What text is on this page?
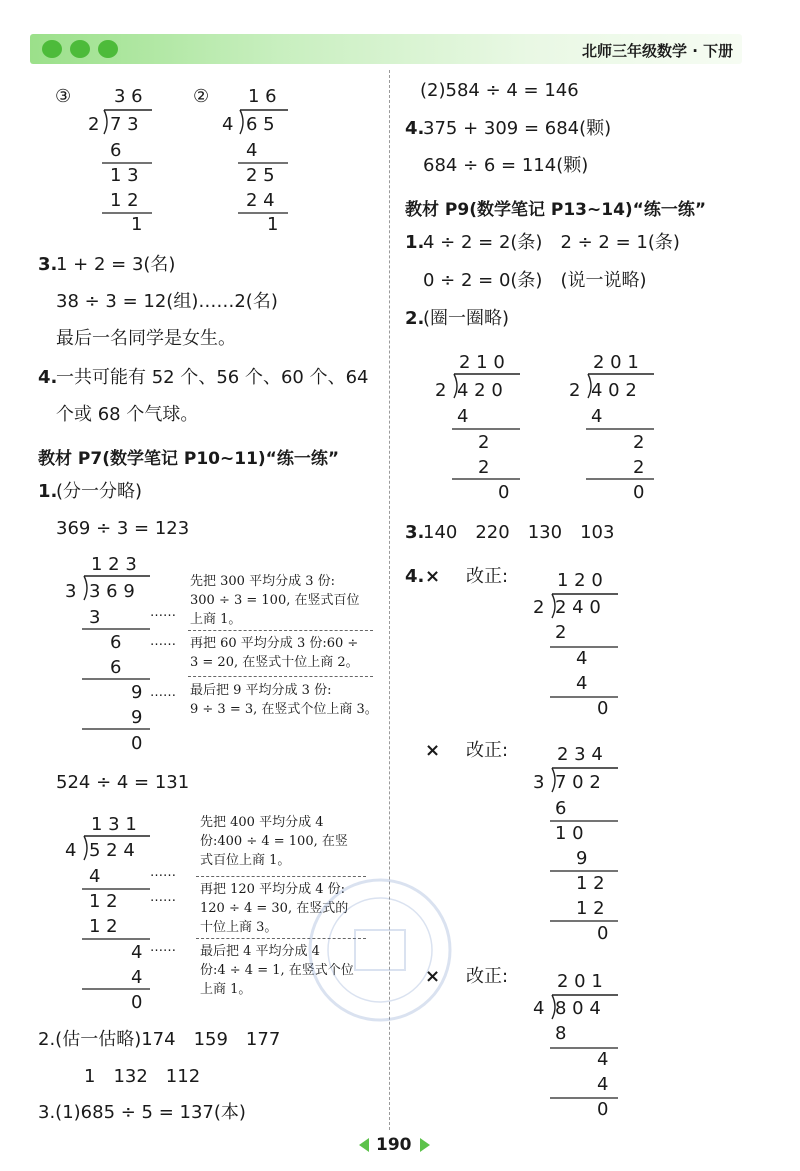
北师三年级数学 · 下册
③ 3 6
2 7 3
6
1 3
1 2
1
② 1 6
4 6 5
4
2 5
2 4
1
3.
1 + 2 = 3(名)
38 ÷ 3 = 12(组)……2(名)
最后一名同学是女生。
4.
一共可能有 52 个、56 个、60 个、64
个或 68 个气球。
教材 P7(数学笔记 P10~11)“练一练”
1.
(分一分略)
369 ÷ 3 = 123
1 2 3
3 3 6 9
3
6
6
9
9
0
……
……
……
先把 300 平均分成 3 份:
300 ÷ 3 = 100, 在竖式百位
上商 1。
再把 60 平均分成 3 份:60 ÷
3 = 20, 在竖式十位上商 2。
最后把 9 平均分成 3 份:
9 ÷ 3 = 3, 在竖式个位上商 3。
524 ÷ 4 = 131
1 3 1
4 5 2 4
4
1 2
1 2
4
4
0
……
……
……
先把 400 平均分成 4
份:400 ÷ 4 = 100, 在竖
式百位上商 1。
再把 120 平均分成 4 份:
120 ÷ 4 = 30, 在竖式的
十位上商 3。
最后把 4 平均分成 4
份:4 ÷ 4 = 1, 在竖式个位
上商 1。
2.(估一估略)174　159　177
1　132　112
3.(1)685 ÷ 5 = 137(本)
(2)584 ÷ 4 = 146
4.
375 + 309 = 684(颗)
684 ÷ 6 = 114(颗)
教材 P9(数学笔记 P13~14)“练一练”
1.
4 ÷ 2 = 2(条)　2 ÷ 2 = 1(条)
0 ÷ 2 = 0(条)　(说一说略)
2.
(圈一圈略)
2 1 0
2 4 2 0
4
2
2
0
2 0 1
2 4 0 2
4
2
2
0
3.
140　220　130　103
4. × 改正:	1 2 0
2 2 4 0
2
4
4
0
× 改正:	2 3 4
3 7 0 2
6
1 0
9
1 2
1 2
0
× 改正:	2 0 1
4 8 0 4
8
4
4
0
190
